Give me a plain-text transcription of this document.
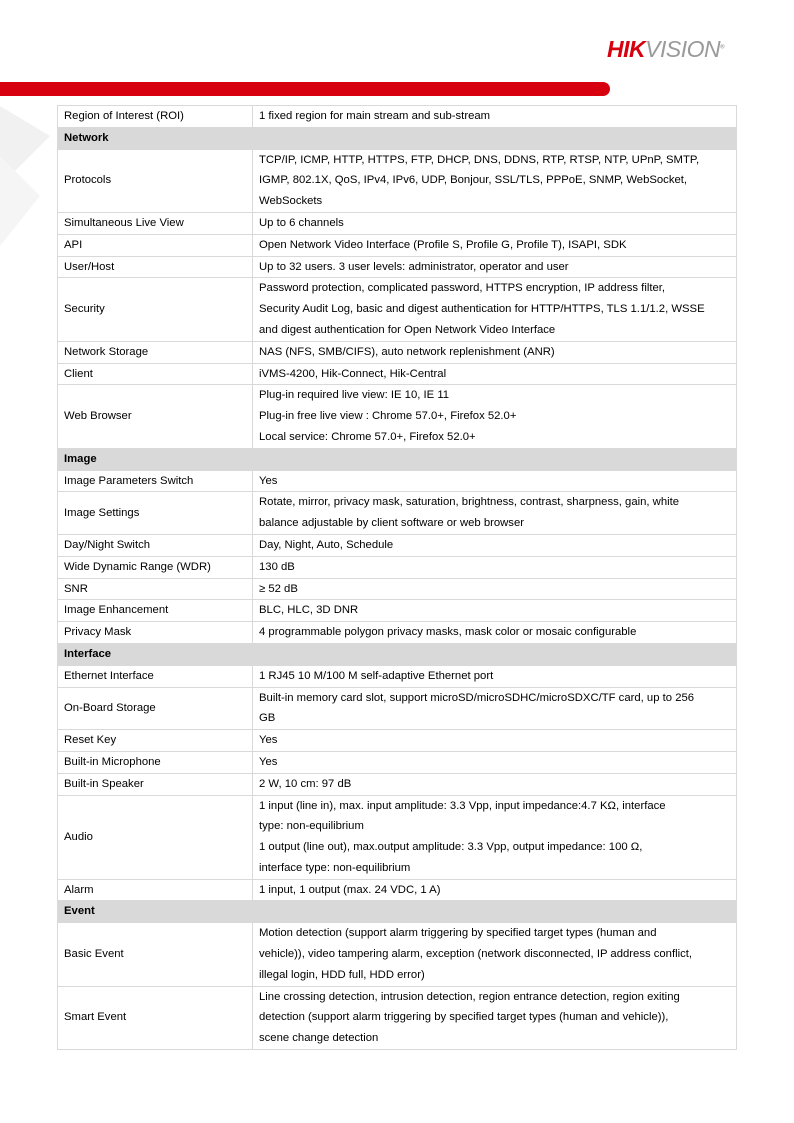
HIKVISION®
Region of Interest (ROI)	1 fixed region for main stream and sub-stream

Network	
Protocols	TCP/IP, ICMP, HTTP, HTTPS, FTP, DHCP, DNS, DDNS, RTP, RTSP, NTP, UPnP, SMTP,
IGMP, 802.1X, QoS, IPv4, IPv6, UDP, Bonjour, SSL/TLS, PPPoE, SNMP, WebSocket,
WebSockets

Simultaneous Live View	Up to 6 channels

API	Open Network Video Interface (Profile S, Profile G, Profile T), ISAPI, SDK

User/Host	Up to 32 users. 3 user levels: administrator, operator and user

Security	Password protection, complicated password, HTTPS encryption, IP address filter,
Security Audit Log, basic and digest authentication for HTTP/HTTPS, TLS 1.1/1.2, WSSE
and digest authentication for Open Network Video Interface

Network Storage	NAS (NFS, SMB/CIFS), auto network replenishment (ANR)

Client	iVMS-4200, Hik-Connect, Hik-Central

Web Browser	Plug-in required live view: IE 10, IE 11
Plug-in free live view : Chrome 57.0+, Firefox 52.0+
Local service: Chrome 57.0+, Firefox 52.0+

Image	
Image Parameters Switch	Yes

Image Settings	Rotate, mirror, privacy mask, saturation, brightness, contrast, sharpness, gain, white
balance adjustable by client software or web browser

Day/Night Switch	Day, Night, Auto, Schedule

Wide Dynamic Range (WDR)	130 dB

SNR	≥ 52 dB

Image Enhancement	BLC, HLC, 3D DNR

Privacy Mask	4 programmable polygon privacy masks, mask color or mosaic configurable

Interface	
Ethernet Interface	1 RJ45 10 M/100 M self-adaptive Ethernet port

On-Board Storage	Built-in memory card slot, support microSD/microSDHC/microSDXC/TF card, up to 256
GB

Reset Key	Yes

Built-in Microphone	Yes

Built-in Speaker	2 W, 10 cm: 97 dB

Audio	1 input (line in), max. input amplitude: 3.3 Vpp, input impedance:4.7 KΩ, interface
type: non-equilibrium
1 output (line out), max.output amplitude: 3.3 Vpp, output impedance: 100 Ω,
interface type: non-equilibrium

Alarm	1 input, 1 output (max. 24 VDC, 1 A)

Event	
Basic Event	Motion detection (support alarm triggering by specified target types (human and
vehicle)), video tampering alarm, exception (network disconnected, IP address conflict,
illegal login, HDD full, HDD error)

Smart Event	Line crossing detection, intrusion detection, region entrance detection, region exiting
detection (support alarm triggering by specified target types (human and vehicle)),
scene change detection
